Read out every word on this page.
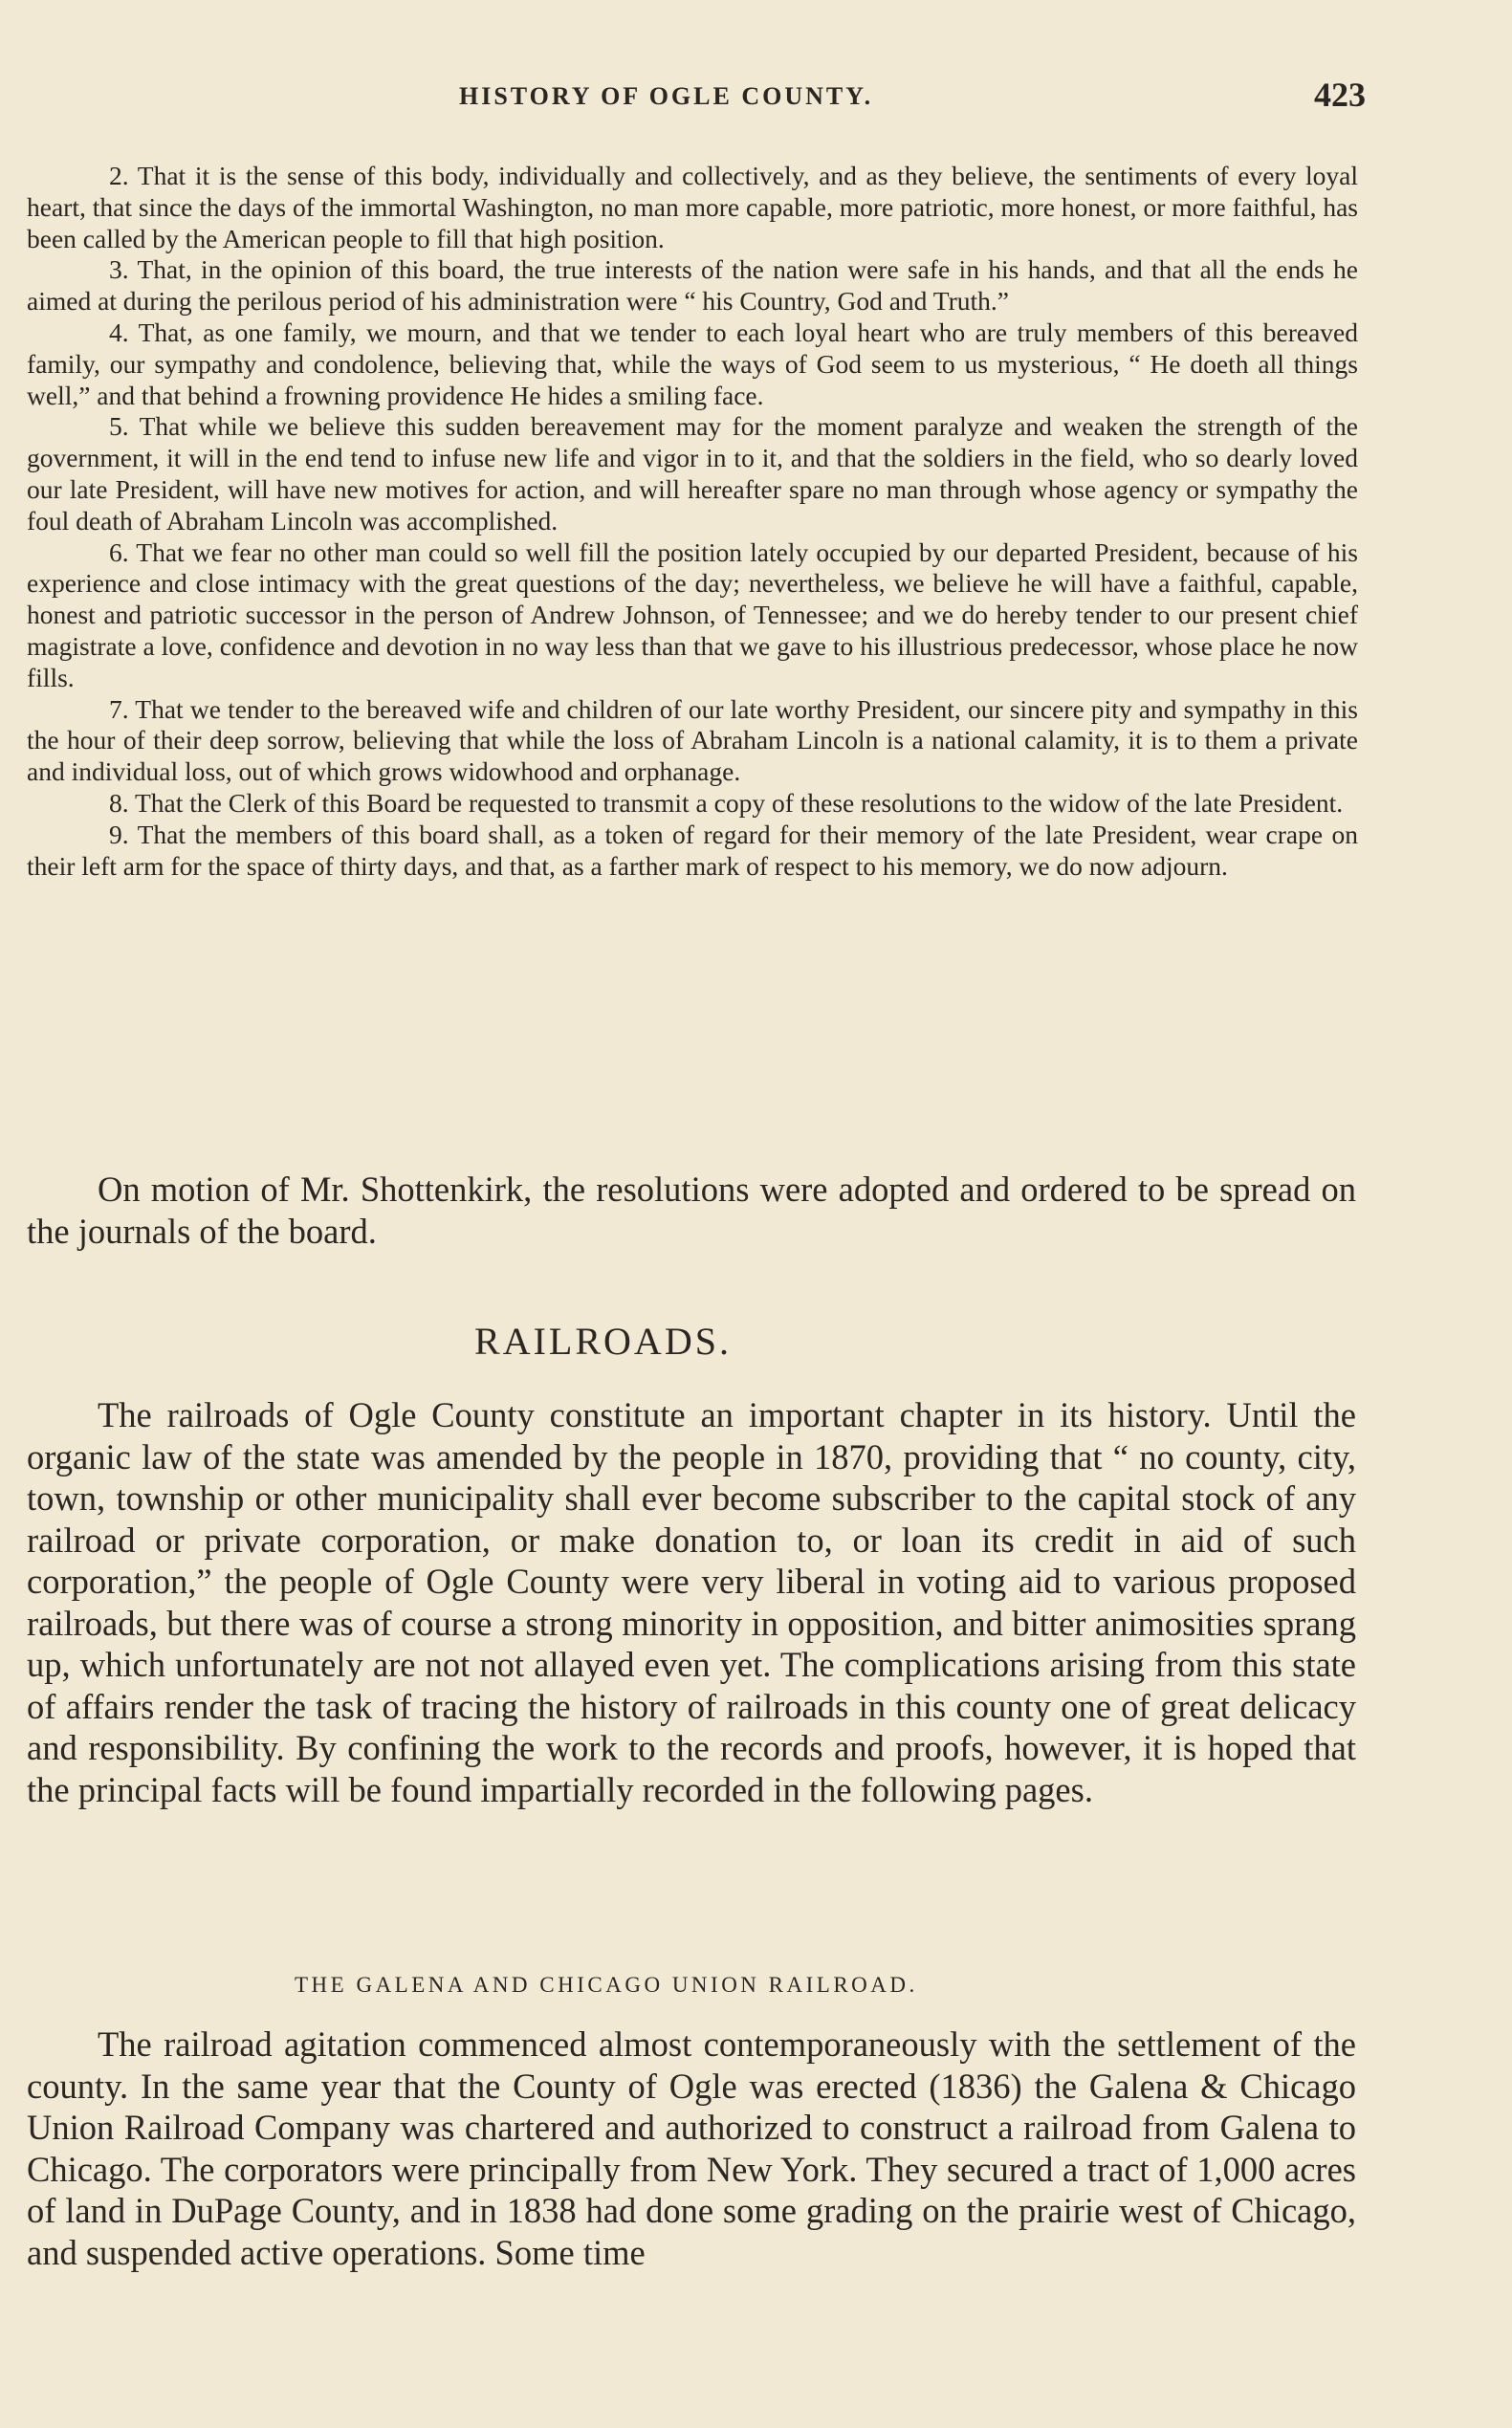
HISTORY OF OGLE COUNTY.	423

2. That it is the sense of this body, individually and collectively, and as they believe, the sentiments of every loyal heart, that since the days of the immortal Washington, no man more capable, more patriotic, more honest, or more faithful, has been called by the American people to fill that high position.

3. That, in the opinion of this board, the true interests of the nation were safe in his hands, and that all the ends he aimed at during the perilous period of his administration were “ his Country, God and Truth.”

4. That, as one family, we mourn, and that we tender to each loyal heart who are truly members of this bereaved family, our sympathy and condolence, believing that, while the ways of God seem to us mysterious, “ He doeth all things well,” and that behind a frowning providence He hides a smiling face.

5. That while we believe this sudden bereavement may for the moment paralyze and weaken the strength of the government, it will in the end tend to infuse new life and vigor in to it, and that the soldiers in the field, who so dearly loved our late President, will have new motives for action, and will hereafter spare no man through whose agency or sympathy the foul death of Abraham Lincoln was accomplished.

6. That we fear no other man could so well fill the position lately occupied by our departed President, because of his experience and close intimacy with the great questions of the day; nevertheless, we believe he will have a faithful, capable, honest and patriotic successor in the person of Andrew Johnson, of Tennessee; and we do hereby tender to our present chief magistrate a love, confidence and devotion in no way less than that we gave to his illustrious predecessor, whose place he now fills.

7. That we tender to the bereaved wife and children of our late worthy President, our sincere pity and sympathy in this the hour of their deep sorrow, believing that while the loss of Abraham Lincoln is a national calamity, it is to them a private and individual loss, out of which grows widowhood and orphanage.

8. That the Clerk of this Board be requested to transmit a copy of these resolutions to the widow of the late President.

9. That the members of this board shall, as a token of regard for their memory of the late President, wear crape on their left arm for the space of thirty days, and that, as a farther mark of respect to his memory, we do now adjourn.

On motion of Mr. Shottenkirk, the resolutions were adopted and ordered to be spread on the journals of the board.

RAILROADS.

The railroads of Ogle County constitute an important chapter in its history. Until the organic law of the state was amended by the people in 1870, providing that “ no county, city, town, township or other municipality shall ever become subscriber to the capital stock of any railroad or private corporation, or make donation to, or loan its credit in aid of such corporation,” the people of Ogle County were very liberal in voting aid to various proposed railroads, but there was of course a strong minority in opposition, and bitter animosities sprang up, which unfortunately are not not allayed even yet. The complications arising from this state of affairs render the task of tracing the history of railroads in this county one of great delicacy and responsibility. By confining the work to the records and proofs, however, it is hoped that the principal facts will be found impartially recorded in the following pages.

THE GALENA AND CHICAGO UNION RAILROAD.

The railroad agitation commenced almost contemporaneously with the settlement of the county. In the same year that the County of Ogle was erected (1836) the Galena & Chicago Union Railroad Company was chartered and authorized to construct a railroad from Galena to Chicago. The corporators were principally from New York. They secured a tract of 1,000 acres of land in DuPage County, and in 1838 had done some grading on the prairie west of Chicago, and suspended active operations. Some time
